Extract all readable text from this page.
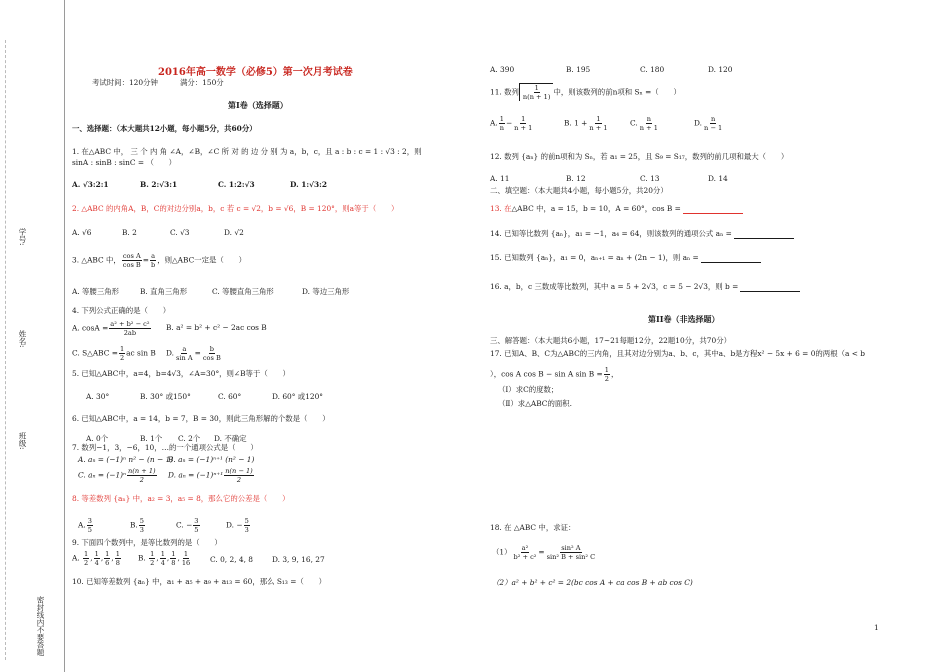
学号:
姓名:
班级:
密封线内不要答题
2016年高一数学（必修5）第一次月考试卷
考试时间：120分钟	满分：150分
第I卷（选择题）
一、选择题：（本大题共12小题，每小题5分，共60分）
1. 在△ABC 中， 三 个 内 角 ∠A，∠B，∠C 所 对 的 边 分 别 为 a，b，c，且 a : b : c = 1 : √3 : 2，则
sinA : sinB : sinC = （　　）
A. √3:2:1	B. 2:√3:1	C. 1:2:√3	D. 1:√3:2
2. △ABC 的内角A，B，C的对边分别a，b，c 若 c = √2，b = √6，B = 120°，则a等于（　　）
A. √6	B. 2	C. √3	D. √2
3. △ABC 中， $\frac{\text{cos A}}{\text{cos B}} = \frac{a}{b}$ ，则△ABC一定是（　　）
A. 等腰三角形	B. 直角三角形	C. 等腰直角三角形	D. 等边三角形
4. 下列公式正确的是（　　）
A. $\cos A = \frac{\text{a² + b² − c²}}{2ab} B$. a² = b² + c² − 2ac cos B
C. S△ABC = $\frac{1}{2}$ ac sin B D. $\frac{a}{\text{sin A}} = \frac{b}{\text{cos B}}$
5. 已知△ABC中，a=4，b=4√3，∠A=30°，则∠B等于（　　）
A. 30°	B. 30° 或150°	C. 60°	D. 60° 或120°
6. 已知△ABC中，a = 14，b = 7，B = 30，则此三角形解的个数是（　　）
A. 0个	B. 1个 C. 2个 D. 不确定
7. 数列−1，3，−6，10，…的一个通项公式是（　　）
A. aₙ = (−1)ⁿ n² − (n − 1)
B. aₙ = (−1)ⁿ⁺¹ (n² − 1)
C. $a_n = (-1)^n \frac{n(n + 1)}{2} D$. $a_n = (-1)^{n+1} \frac{n(n - 1)}{2}$
8. 等差数列 {aₙ} 中，a₂ = 3，a₅ = 8，那么它的公差是（　　）
A. $\frac{3}{5}$	B. $\frac{5}{3}$	C. − $\frac{3}{5}$	D. − $\frac{5}{3}$
9. 下面四个数列中，是等比数列的是（　　）
A. $\frac{1}{2}$ , $\frac{1}{4}$ , $\frac{1}{6}$ , $\frac{1}{8} B$. $\frac{1}{2}$ , $\frac{1}{4}$ , $\frac{1}{8}$ , $\frac{1}{16}$	C. 0, 2, 4, 8	D. 3, 9, 16, 27
10. 已知等差数列 {aₙ} 中，a₁ + a₅ + a₉ + a₁₃ = 60，那么 S₁₃ =（　　）
A. 390	B. 195	C. 180	D. 120
11. 数列 $\frac{1}{n(n + 1)}$ 中，则该数列的前n项和 Sₙ =（　　）
A. $\frac{1}{n} - \frac{1}{n + 1}$	B. $1 + \frac{1}{n + 1}$	C. $\frac{n}{n + 1}$	D. $\frac{n}{n - 1}$
12. 数列 {aₙ} 的前n项和为 Sₙ，若 a₁ = 25，且 S₉ = S₁₇，数列的前几项和最大（　　）
A. 11	B. 12	C. 13	D. 14
二、填空题：（本大题共4小题，每小题5分，共20分）
13. 在△ABC 中，a = 15，b = 10，A = 60°，cos B =
14. 已知等比数列 {aₙ}，a₁ = −1，a₄ = 64，则该数列的通项公式 aₙ =
15. 已知数列 {aₙ}，a₁ = 0，aₙ₊₁ = aₙ + (2n − 1)，则 aₙ =
16. a，b，c 三数成等比数列，其中 a = 5 + 2√3，c = 5 − 2√3，则 b =
第II卷（非选择题）
三、解答题：（本大题共6小题，17~21每题12分，22题10分，共70分）
17. 已知A、B、C为△ABC的三内角，且其对边分别为a、b、c，其中a、b是方程x² − 5x + 6 = 0的两根（a < b
），cos A cos B − sin A $\sin B = \frac{1}{2}$ ，
（Ⅰ）求C的度数；
（Ⅱ）求△ABC的面积.
18. 在 △ABC 中，求证：
$(1) \frac{\text{a²}}{\text{b² + c²}} = \frac{\text{sin² A}}{\text{sin² B + sin² C}}$
（2）a² + b² + c² = 2(bc cos A + ca cos B + ab cos C)
1
